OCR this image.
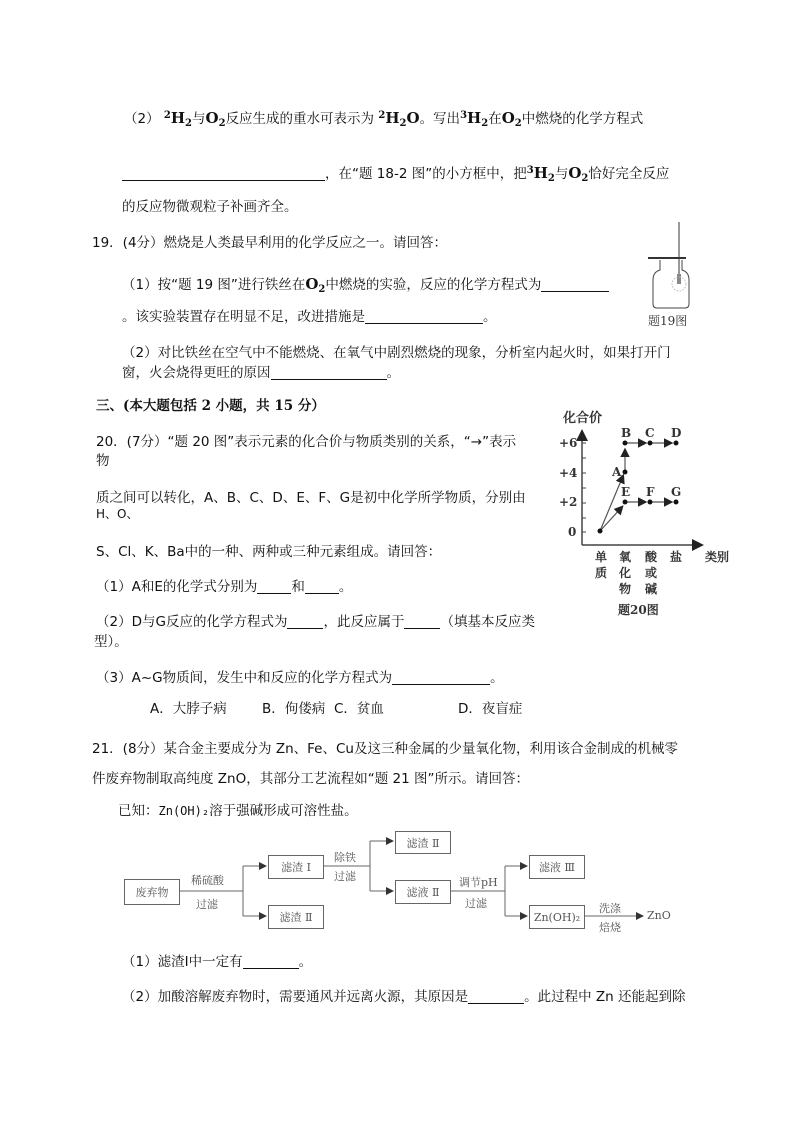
（2） $^2H_2$与$O_2$反应生成的重水可表示为 $^2H_2O$。写出$^3H_2$在$O_2$中燃烧的化学方程式
，在“题 18-2 图”的小方框中，把$^3H_2$与$O_2$恰好完全反应
的反应物微观粒子补画齐全。
19．(4分）燃烧是人类最早利用的化学反应之一。请回答：
（1）按“题 19 图”进行铁丝在$O_2$中燃烧的实验，反应的化学方程式为
。该实验装置存在明显不足，改进措施是	。
（2）对比铁丝在空气中不能燃烧、在氧气中剧烈燃烧的现象，分析室内起火时，如果打开门
窗，火会烧得更旺的原因	。
题19图
三、(本大题包括 2 小题，共 15 分）
20．(7分）“题 20 图”表示元素的化合价与物质类别的关系，“→”表示
物
质之间可以转化，A、B、C、D、E、F、G是初中化学所学物质，分别由
H、O、
S、Cl、K、Ba中的一种、两种或三种元素组成。请回答：
（1）A和E的化学式分别为	和	。
（2）D与G反应的化学方程式为	，此反应属于	（填基本反应类
型）。
（3）A~G物质间，发生中和反应的化学方程式为	。
A．大脖子病	B．佝偻病 C．贫血	D．夜盲症
化合价
+6
+4
+2
0
B C D
A
E F G
单
质
氧
化
物
酸
或
碱
盐 类别
题20图
21．(8分）某合金主要成分为 Zn、Fe、Cu及这三种金属的少量氧化物，利用该合金制成的机械零
件废弃物制取高纯度 ZnO，其部分工艺流程如“题 21 图”所示。请回答：
已知：Zn(OH)₂溶于强碱形成可溶性盐。
废弃物
稀硫酸
过滤
滤渣 Ⅰ
滤渣 Ⅱ
除铁
过滤
滤渣 Ⅱ
滤液 Ⅱ
调节pH
过滤
滤液 Ⅲ
Zn(OH)₂
洗涤
焙烧
ZnO
（1）滤渣Ⅰ中一定有	。
（2）加酸溶解废弃物时，需要通风并远离火源，其原因是	。此过程中 Zn 还能起到除
